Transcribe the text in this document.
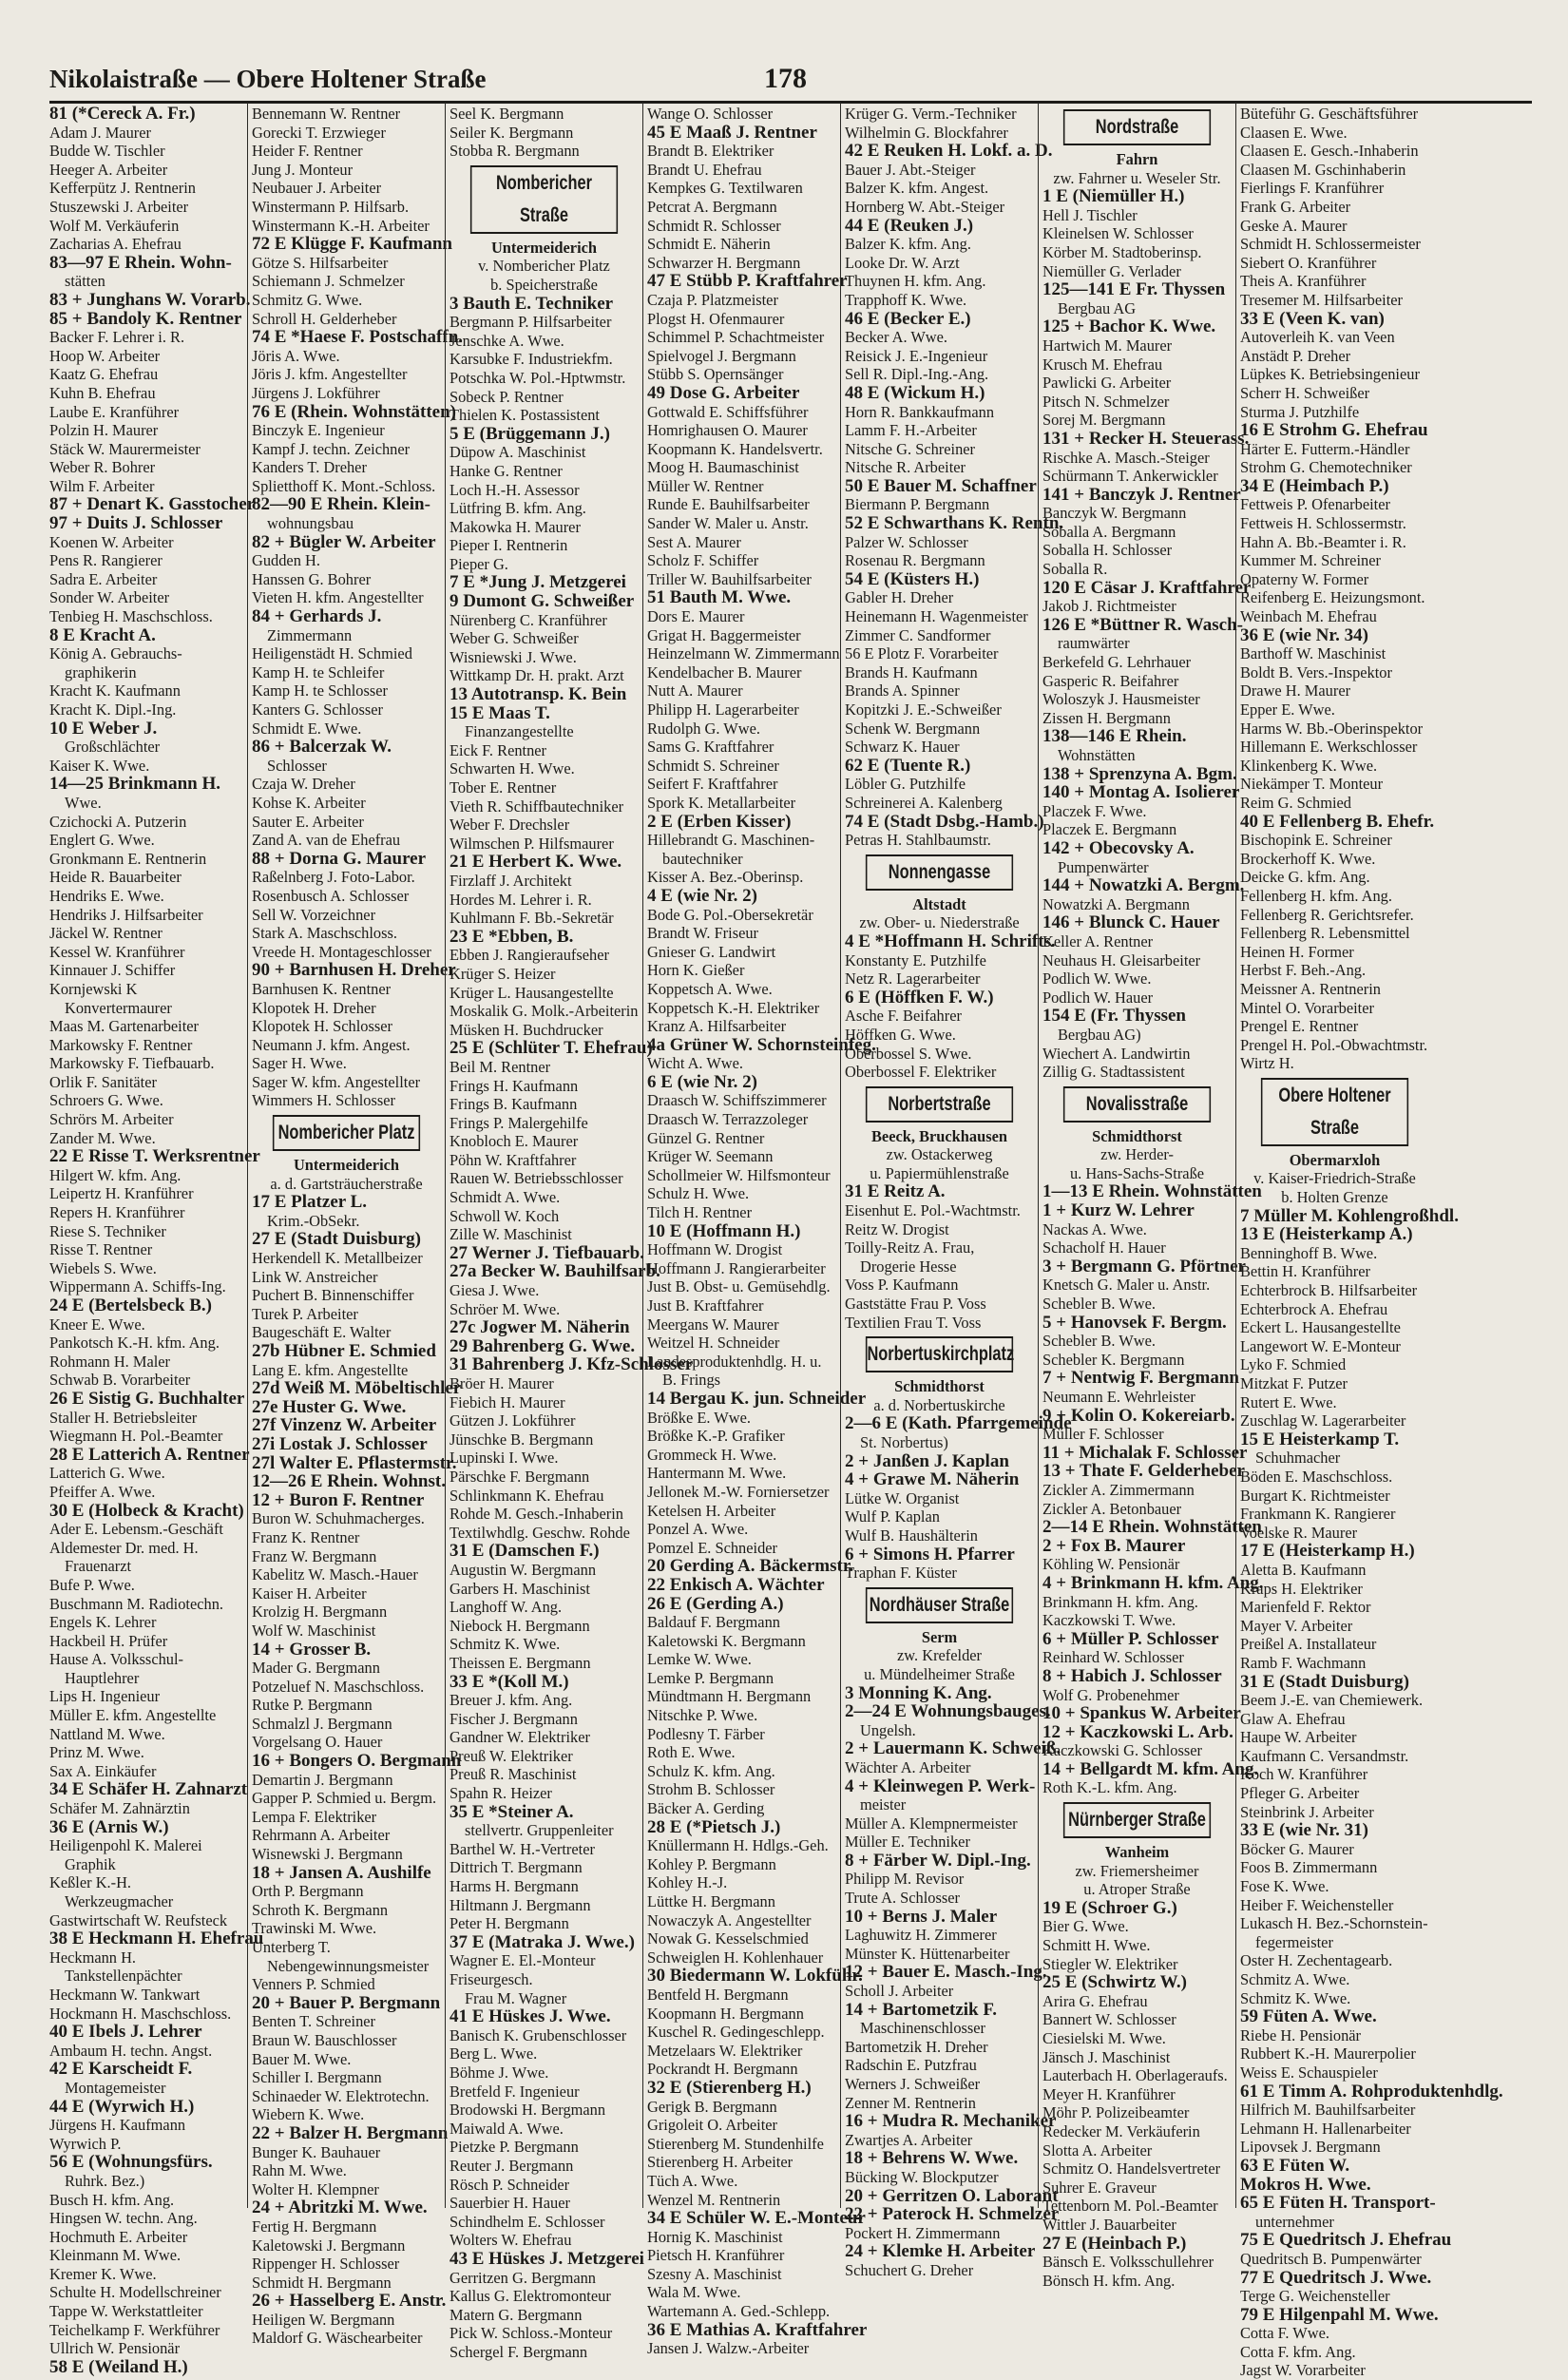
Nikolaistraße — Obere Holtener Straße	178
81 (*Cereck A. Fr.)
Adam J. Maurer
Budde W. Tischler
Heeger A. Arbeiter
Kefferpütz J. Rentnerin
Stuszewski J. Arbeiter
Wolf M. Verkäuferin
Zacharias A. Ehefrau
83—97 E Rhein. Wohn-
stätten
83 + Junghans W. Vorarb.
85 + Bandoly K. Rentner
Backer F. Lehrer i. R.
Hoop W. Arbeiter
Kaatz G. Ehefrau
Kuhn B. Ehefrau
Laube E. Kranführer
Polzin H. Maurer
Stäck W. Maurermeister
Weber R. Bohrer
Wilm F. Arbeiter
87 + Denart K. Gasstocher
97 + Duits J. Schlosser
Koenen W. Arbeiter
Pens R. Rangierer
Sadra E. Arbeiter
Sonder W. Arbeiter
Tenbieg H. Maschschloss.
8 E Kracht A.
König A. Gebrauchs-
graphikerin
Kracht K. Kaufmann
Kracht K. Dipl.-Ing.
10 E Weber J.
Großschlächter
Kaiser K. Wwe.
14—25 Brinkmann H.
Wwe.
Czichocki A. Putzerin
Englert G. Wwe.
Gronkmann E. Rentnerin
Heide R. Bauarbeiter
Hendriks E. Wwe.
Hendriks J. Hilfsarbeiter
Jäckel W. Rentner
Kessel W. Kranführer
Kinnauer J. Schiffer
Kornjewski K
Konvertermaurer
Maas M. Gartenarbeiter
Markowsky F. Rentner
Markowsky F. Tiefbauarb.
Orlik F. Sanitäter
Schroers G. Wwe.
Schrörs M. Arbeiter
Zander M. Wwe.
22 E Risse T. Werksrentner
Hilgert W. kfm. Ang.
Leipertz H. Kranführer
Repers H. Kranführer
Riese S. Techniker
Risse T. Rentner
Wiebels S. Wwe.
Wippermann A. Schiffs-Ing.
24 E (Bertelsbeck B.)
Kneer E. Wwe.
Pankotsch K.-H. kfm. Ang.
Rohmann H. Maler
Schwab B. Vorarbeiter
26 E Sistig G. Buchhalter
Staller H. Betriebsleiter
Wiegmann H. Pol.-Beamter
28 E Latterich A. Rentner
Latterich G. Wwe.
Pfeiffer A. Wwe.
30 E (Holbeck & Kracht)
Ader E. Lebensm.-Geschäft
Aldemester Dr. med. H.
Frauenarzt
Bufe P. Wwe.
Buschmann M. Radiotechn.
Engels K. Lehrer
Hackbeil H. Prüfer
Hause A. Volksschul-
Hauptlehrer
Lips H. Ingenieur
Müller E. kfm. Angestellte
Nattland M. Wwe.
Prinz M. Wwe.
Sax A. Einkäufer
34 E Schäfer H. Zahnarzt
Schäfer M. Zahnärztin
36 E (Arnis W.)
Heiligenpohl K. Malerei
Graphik
Keßler K.-H.
Werkzeugmacher
Gastwirtschaft W. Reufsteck
38 E Heckmann H. Ehefrau
Heckmann H.
Tankstellenpächter
Heckmann W. Tankwart
Hockmann H. Maschschloss.
40 E Ibels J. Lehrer
Ambaum H. techn. Angst.
42 E Karscheidt F.
Montagemeister
44 E (Wyrwich H.)
Jürgens H. Kaufmann
Wyrwich P.
56 E (Wohnungsfürs.
Ruhrk. Bez.)
Busch H. kfm. Ang.
Hingsen W. techn. Ang.
Hochmuth E. Arbeiter
Kleinmann M. Wwe.
Kremer K. Wwe.
Schulte H. Modellschreiner
Tappe W. Werkstattleiter
Teichelkamp F. Werkführer
Ullrich W. Pensionär
58 E (Weiland H.)
Bennemann W. Rentner
Gorecki T. Erzwieger
Heider F. Rentner
Jung J. Monteur
Neubauer J. Arbeiter
Winstermann P. Hilfsarb.
Winstermann K.-H. Arbeiter
72 E Klügge F. Kaufmann
Götze S. Hilfsarbeiter
Schiemann J. Schmelzer
Schmitz G. Wwe.
Schroll H. Gelderheber
74 E *Haese F. Postschaffn.
Jöris A. Wwe.
Jöris J. kfm. Angestellter
Jürgens J. Lokführer
76 E (Rhein. Wohnstätten)
Binczyk E. Ingenieur
Kampf J. techn. Zeichner
Kanders T. Dreher
Splietthoff K. Mont.-Schloss.
82—90 E Rhein. Klein-
wohnungsbau
82 + Bügler W. Arbeiter
Gudden H.
Hanssen G. Bohrer
Vieten H. kfm. Angestellter
84 + Gerhards J.
Zimmermann
Heiligenstädt H. Schmied
Kamp H. te Schleifer
Kamp H. te Schlosser
Kanters G. Schlosser
Schmidt E. Wwe.
86 + Balcerzak W.
Schlosser
Czaja W. Dreher
Kohse K. Arbeiter
Sauter E. Arbeiter
Zand A. van de Ehefrau
88 + Dorna G. Maurer
Raßelnberg J. Foto-Labor.
Rosenbusch A. Schlosser
Sell W. Vorzeichner
Stark A. Maschschloss.
Vreede H. Montageschlosser
90 + Barnhusen H. Dreher
Barnhusen K. Rentner
Klopotek H. Dreher
Klopotek H. Schlosser
Neumann J. kfm. Angest.
Sager H. Wwe.
Sager W. kfm. Angestellter
Wimmers H. Schlosser
Nombericher Platz
Untermeiderich
a. d. Gartsträucherstraße
17 E Platzer L.
Krim.-ObSekr.
27 E (Stadt Duisburg)
Herkendell K. Metallbeizer
Link W. Anstreicher
Puchert B. Binnenschiffer
Turek P. Arbeiter
Baugeschäft E. Walter
27b Hübner E. Schmied
Lang E. kfm. Angestellte
27d Weiß M. Möbeltischler
27e Huster G. Wwe.
27f Vinzenz W. Arbeiter
27i Lostak J. Schlosser
27l Walter E. Pflastermstr.
12—26 E Rhein. Wohnst.
12 + Buron F. Rentner
Buron W. Schuhmacherges.
Franz K. Rentner
Franz W. Bergmann
Kabelitz W. Masch.-Hauer
Kaiser H. Arbeiter
Krolzig H. Bergmann
Wolf W. Maschinist
14 + Grosser B.
Mader G. Bergmann
Potzeluef N. Maschschloss.
Rutke P. Bergmann
Schmalzl J. Bergmann
Vorgelsang O. Hauer
16 + Bongers O. Bergmann
Demartin J. Bergmann
Gapper P. Schmied u. Bergm.
Lempa F. Elektriker
Rehrmann A. Arbeiter
Wisnewski J. Bergmann
18 + Jansen A. Aushilfe
Orth P. Bergmann
Schroth K. Bergmann
Trawinski M. Wwe.
Unterberg T.
Nebengewinnungsmeister
Venners P. Schmied
20 + Bauer P. Bergmann
Benten T. Schreiner
Braun W. Bauschlosser
Bauer M. Wwe.
Schiller I. Bergmann
Schinaeder W. Elektrotechn.
Wiebern K. Wwe.
22 + Balzer H. Bergmann
Bunger K. Bauhauer
Rahn M. Wwe.
Wolter H. Klempner
24 + Abritzki M. Wwe.
Fertig H. Bergmann
Kaletowski J. Bergmann
Rippenger H. Schlosser
Schmidt H. Bergmann
26 + Hasselberg E. Anstr.
Heiligen W. Bergmann
Maldorf G. Wäschearbeiter
Seel K. Bergmann
Seiler K. Bergmann
Stobba R. Bergmann
Nombericher Straße
Untermeiderich
v. Nombericher Platz
b. Speicherstraße
3 Bauth E. Techniker
Bergmann P. Hilfsarbeiter
Jenschke A. Wwe.
Karsubke F. Industriekfm.
Potschka W. Pol.-Hptwmstr.
Sobeck P. Rentner
Thielen K. Postassistent
5 E (Brüggemann J.)
Düpow A. Maschinist
Hanke G. Rentner
Loch H.-H. Assessor
Lütfring B. kfm. Ang.
Makowka H. Maurer
Pieper I. Rentnerin
Pieper G.
7 E *Jung J. Metzgerei
9 Dumont G. Schweißer
Nürenberg C. Kranführer
Weber G. Schweißer
Wisniewski J. Wwe.
Wittkamp Dr. H. prakt. Arzt
13 Autotransp. K. Bein
15 E Maas T.
Finanzangestellte
Eick F. Rentner
Schwarten H. Wwe.
Tober E. Rentner
Vieth R. Schiffbautechniker
Weber F. Drechsler
Wilmschen P. Hilfsmaurer
21 E Herbert K. Wwe.
Firzlaff J. Architekt
Hordes M. Lehrer i. R.
Kuhlmann F. Bb.-Sekretär
23 E *Ebben, B.
Ebben J. Rangieraufseher
Krüger S. Heizer
Krüger L. Hausangestellte
Moskalik G. Molk.-Arbeiterin
Müsken H. Buchdrucker
25 E (Schlüter T. Ehefrau)
Beil M. Rentner
Frings H. Kaufmann
Frings B. Kaufmann
Frings P. Malergehilfe
Knobloch E. Maurer
Pöhn W. Kraftfahrer
Rauen W. Betriebsschlosser
Schmidt A. Wwe.
Schwoll W. Koch
Zille W. Maschinist
27 Werner J. Tiefbauarb.
27a Becker W. Bauhilfsarb.
Giesa J. Wwe.
Schröer M. Wwe.
27c Jogwer M. Näherin
29 Bahrenberg G. Wwe.
31 Bahrenberg J. Kfz-Schlosser
Bröer H. Maurer
Fiebich H. Maurer
Gützen J. Lokführer
Jünschke B. Bergmann
Lupinski I. Wwe.
Pärschke F. Bergmann
Schlinkmann K. Ehefrau
Rohde M. Gesch.-Inhaberin
Textilwhdlg. Geschw. Rohde
31 E (Damschen F.)
Augustin W. Bergmann
Garbers H. Maschinist
Langhoff W. Ang.
Niebock H. Bergmann
Schmitz K. Wwe.
Theissen E. Bergmann
33 E *(Koll M.)
Breuer J. kfm. Ang.
Fischer J. Bergmann
Gandner W. Elektriker
Preuß W. Elektriker
Preuß R. Maschinist
Spahn R. Heizer
35 E *Steiner A.
stellvertr. Gruppenleiter
Barthel W. H.-Vertreter
Dittrich T. Bergmann
Harms H. Bergmann
Hiltmann J. Bergmann
Peter H. Bergmann
37 E (Matraka J. Wwe.)
Wagner E. El.-Monteur
Friseurgesch.
Frau M. Wagner
41 E Hüskes J. Wwe.
Banisch K. Grubenschlosser
Berg L. Wwe.
Böhme J. Wwe.
Bretfeld F. Ingenieur
Brodowski H. Bergmann
Maiwald A. Wwe.
Pietzke P. Bergmann
Reuter J. Bergmann
Rösch P. Schneider
Sauerbier H. Hauer
Schindhelm E. Schlosser
Wolters W. Ehefrau
43 E Hüskes J. Metzgerei
Gerritzen G. Bergmann
Kallus G. Elektromonteur
Matern G. Bergmann
Pick W. Schloss.-Monteur
Schergel F. Bergmann
Wange O. Schlosser
45 E Maaß J. Rentner
Brandt B. Elektriker
Brandt U. Ehefrau
Kempkes G. Textilwaren
Petcrat A. Bergmann
Schmidt R. Schlosser
Schmidt E. Näherin
Schwarzer H. Bergmann
47 E Stübb P. Kraftfahrer
Czaja P. Platzmeister
Plogst H. Ofenmaurer
Schimmel P. Schachtmeister
Spielvogel J. Bergmann
Stübb S. Opernsänger
49 Dose G. Arbeiter
Gottwald E. Schiffsführer
Homrighausen O. Maurer
Koopmann K. Handelsvertr.
Moog H. Baumaschinist
Müller W. Rentner
Runde E. Bauhilfsarbeiter
Sander W. Maler u. Anstr.
Sest A. Maurer
Scholz F. Schiffer
Triller W. Bauhilfsarbeiter
51 Bauth M. Wwe.
Dors E. Maurer
Grigat H. Baggermeister
Heinzelmann W. Zimmermann
Kendelbacher B. Maurer
Nutt A. Maurer
Philipp H. Lagerarbeiter
Rudolph G. Wwe.
Sams G. Kraftfahrer
Schmidt S. Schreiner
Seifert F. Kraftfahrer
Spork K. Metallarbeiter
2 E (Erben Kisser)
Hillebrandt G. Maschinen-
bautechniker
Kisser A. Bez.-Oberinsp.
4 E (wie Nr. 2)
Bode G. Pol.-Obersekretär
Brandt W. Friseur
Gnieser G. Landwirt
Horn K. Gießer
Koppetsch A. Wwe.
Koppetsch K.-H. Elektriker
Kranz A. Hilfsarbeiter
4a Grüner W. Schornsteinfeg.
Wicht A. Wwe.
6 E (wie Nr. 2)
Draasch W. Schiffszimmerer
Draasch W. Terrazzoleger
Günzel G. Rentner
Krüger W. Seemann
Schollmeier W. Hilfsmonteur
Schulz H. Wwe.
Tilch H. Rentner
10 E (Hoffmann H.)
Hoffmann W. Drogist
Hoffmann J. Rangierarbeiter
Just B. Obst- u. Gemüsehdlg.
Just B. Kraftfahrer
Meergans W. Maurer
Weitzel H. Schneider
Landesproduktenhdlg. H. u.
B. Frings
14 Bergau K. jun. Schneider
Brößke E. Wwe.
Brößke K.-P. Grafiker
Grommeck H. Wwe.
Hantermann M. Wwe.
Jellonek M.-W. Forniersetzer
Ketelsen H. Arbeiter
Ponzel A. Wwe.
Pomzel E. Schneider
20 Gerding A. Bäckermstr.
22 Enkisch A. Wächter
26 E (Gerding A.)
Baldauf F. Bergmann
Kaletowski K. Bergmann
Lemke W. Wwe.
Lemke P. Bergmann
Mündtmann H. Bergmann
Nitschke P. Wwe.
Podlesny T. Färber
Roth E. Wwe.
Schulz K. kfm. Ang.
Strohm B. Schlosser
Bäcker A. Gerding
28 E (*Pietsch J.)
Knüllermann H. Hdlgs.-Geh.
Kohley P. Bergmann
Kohley H.-J.
Lüttke H. Bergmann
Nowaczyk A. Angestellter
Nowak G. Kesselschmied
Schweiglen H. Kohlenhauer
30 Biedermann W. Lokführ.
Bentfeld H. Bergmann
Koopmann H. Bergmann
Kuschel R. Gedingeschlepp.
Metzelaars W. Elektriker
Pockrandt H. Bergmann
32 E (Stierenberg H.)
Gerigk B. Bergmann
Grigoleit O. Arbeiter
Stierenberg M. Stundenhilfe
Stierenberg H. Arbeiter
Tüch A. Wwe.
Wenzel M. Rentnerin
34 E Schüler W. E.-Monteur
Hornig K. Maschinist
Pietsch H. Kranführer
Szesny A. Maschinist
Wala M. Wwe.
Wartemann A. Ged.-Schlepp.
36 E Mathias A. Kraftfahrer
Jansen J. Walzw.-Arbeiter
Krüger G. Verm.-Techniker
Wilhelmin G. Blockfahrer
42 E Reuken H. Lokf. a. D.
Bauer J. Abt.-Steiger
Balzer K. kfm. Angest.
Hornberg W. Abt.-Steiger
44 E (Reuken J.)
Balzer K. kfm. Ang.
Looke Dr. W. Arzt
Thuynen H. kfm. Ang.
Trapphoff K. Wwe.
46 E (Becker E.)
Becker A. Wwe.
Reisick J. E.-Ingenieur
Sell R. Dipl.-Ing.-Ang.
48 E (Wickum H.)
Horn R. Bankkaufmann
Lamm F. H.-Arbeiter
Nitsche G. Schreiner
Nitsche R. Arbeiter
50 E Bauer M. Schaffner
Biermann P. Bergmann
52 E Schwarthans K. Rentn.
Palzer W. Schlosser
Rosenau R. Bergmann
54 E (Küsters H.)
Gabler H. Dreher
Heinemann H. Wagenmeister
Zimmer C. Sandformer
56 E Plotz F. Vorarbeiter
Brands H. Kaufmann
Brands A. Spinner
Kopitzki J. E.-Schweißer
Schenk W. Bergmann
Schwarz K. Hauer
62 E (Tuente R.)
Löbler G. Putzhilfe
Schreinerei A. Kalenberg
74 E (Stadt Dsbg.-Hamb.)
Petras H. Stahlbaumstr.
Nonnengasse
Altstadt
zw. Ober- u. Niederstraße
4 E *Hoffmann H. Schrifts.
Konstanty E. Putzhilfe
Netz R. Lagerarbeiter
6 E (Höffken F. W.)
Asche F. Beifahrer
Höffken G. Wwe.
Oberbossel S. Wwe.
Oberbossel F. Elektriker
Norbertstraße
Beeck, Bruckhausen
zw. Ostackerweg
u. Papiermühlenstraße
31 E Reitz A.
Eisenhut E. Pol.-Wachtmstr.
Reitz W. Drogist
Toilly-Reitz A. Frau,
Drogerie Hesse
Voss P. Kaufmann
Gaststätte Frau P. Voss
Textilien Frau T. Voss
Norbertuskirchplatz
Schmidthorst
a. d. Norbertuskirche
2—6 E (Kath. Pfarrgemeinde
St. Norbertus)
2 + Janßen J. Kaplan
4 + Grawe M. Näherin
Lütke W. Organist
Wulf P. Kaplan
Wulf B. Haushälterin
6 + Simons H. Pfarrer
Traphan F. Küster
Nordhäuser Straße
Serm
zw. Krefelder
u. Mündelheimer Straße
3 Monning K. Ang.
2—24 E Wohnungsbauges.
Ungelsh.
2 + Lauermann K. Schweiß.
Wächter A. Arbeiter
4 + Kleinwegen P. Werk-
meister
Müller A. Klempnermeister
Müller E. Techniker
8 + Färber W. Dipl.-Ing.
Philipp M. Revisor
Trute A. Schlosser
10 + Berns J. Maler
Laghuwitz H. Zimmerer
Münster K. Hüttenarbeiter
12 + Bauer E. Masch.-Ing.
Scholl J. Arbeiter
14 + Bartometzik F.
Maschinenschlosser
Bartometzik H. Dreher
Radschin E. Putzfrau
Werners J. Schweißer
Zenner M. Rentnerin
16 + Mudra R. Mechaniker
Zwartjes A. Arbeiter
18 + Behrens W. Wwe.
Bücking W. Blockputzer
20 + Gerritzen O. Laborant
22 + Paterock H. Schmelzer
Pockert H. Zimmermann
24 + Klemke H. Arbeiter
Schuchert G. Dreher
Nordstraße
Fahrn
zw. Fahrner u. Weseler Str.
1 E (Niemüller H.)
Hell J. Tischler
Kleinelsen W. Schlosser
Körber M. Stadtoberinsp.
Niemüller G. Verlader
125—141 E Fr. Thyssen
Bergbau AG
125 + Bachor K. Wwe.
Hartwich M. Maurer
Krusch M. Ehefrau
Pawlicki G. Arbeiter
Pitsch N. Schmelzer
Sorej M. Bergmann
131 + Recker H. Steuerass.
Rischke A. Masch.-Steiger
Schürmann T. Ankerwickler
141 + Banczyk J. Rentner
Banczyk W. Bergmann
Soballa A. Bergmann
Soballa H. Schlosser
Soballa R.
120 E Cäsar J. Kraftfahrer
Jakob J. Richtmeister
126 E *Büttner R. Wasch-
raumwärter
Berkefeld G. Lehrhauer
Gasperic R. Beifahrer
Woloszyk J. Hausmeister
Zissen H. Bergmann
138—146 E Rhein.
Wohnstätten
138 + Sprenzyna A. Bgm.
140 + Montag A. Isolierer
Placzek F. Wwe.
Placzek E. Bergmann
142 + Obecovsky A.
Pumpenwärter
144 + Nowatzki A. Bergm.
Nowatzki A. Bergmann
146 + Blunck C. Hauer
Keller A. Rentner
Neuhaus H. Gleisarbeiter
Podlich W. Wwe.
Podlich W. Hauer
154 E (Fr. Thyssen
Bergbau AG)
Wiechert A. Landwirtin
Zillig G. Stadtassistent
Novalisstraße
Schmidthorst
zw. Herder-
u. Hans-Sachs-Straße
1—13 E Rhein. Wohnstätten
1 + Kurz W. Lehrer
Nackas A. Wwe.
Schacholf H. Hauer
3 + Bergmann G. Pförtner
Knetsch G. Maler u. Anstr.
Schebler B. Wwe.
5 + Hanovsek F. Bergm.
Schebler B. Wwe.
Schebler K. Bergmann
7 + Nentwig F. Bergmann
Neumann E. Wehrleister
9 + Kolin O. Kokereiarb.
Müller F. Schlosser
11 + Michalak F. Schlosser
13 + Thate F. Gelderheber
Zickler A. Zimmermann
Zickler A. Betonbauer
2—14 E Rhein. Wohnstätten
2 + Fox B. Maurer
Köhling W. Pensionär
4 + Brinkmann H. kfm. Ang.
Brinkmann H. kfm. Ang.
Kaczkowski T. Wwe.
6 + Müller P. Schlosser
Reinhard W. Schlosser
8 + Habich J. Schlosser
Wolf G. Probenehmer
10 + Spankus W. Arbeiter
12 + Kaczkowski L. Arb.
Kaczkowski G. Schlosser
14 + Bellgardt M. kfm. Ang.
Roth K.-L. kfm. Ang.
Nürnberger Straße
Wanheim
zw. Friemersheimer
u. Atroper Straße
19 E (Schroer G.)
Bier G. Wwe.
Schmitt H. Wwe.
Stiegler W. Elektriker
25 E (Schwirtz W.)
Arira G. Ehefrau
Bannert W. Schlosser
Ciesielski M. Wwe.
Jänsch J. Maschinist
Lauterbach H. Oberlageraufs.
Meyer H. Kranführer
Möhr P. Polizeibeamter
Redecker M. Verkäuferin
Slotta A. Arbeiter
Schmitz O. Handelsvertreter
Suhrer E. Graveur
Tettenborn M. Pol.-Beamter
Wittler J. Bauarbeiter
27 E (Heinbach P.)
Bänsch E. Volksschullehrer
Bönsch H. kfm. Ang.
Büteführ G. Geschäftsführer
Claasen E. Wwe.
Claasen E. Gesch.-Inhaberin
Claasen M. Gschinhaberin
Fierlings F. Kranführer
Frank G. Arbeiter
Geske A. Maurer
Schmidt H. Schlossermeister
Siebert O. Kranführer
Theis A. Kranführer
Tresemer M. Hilfsarbeiter
33 E (Veen K. van)
Autoverleih K. van Veen
Anstädt P. Dreher
Lüpkes K. Betriebsingenieur
Scherr H. Schweißer
Sturma J. Putzhilfe
16 E Strohm G. Ehefrau
Härter E. Futterm.-Händler
Strohm G. Chemotechniker
34 E (Heimbach P.)
Fettweis P. Ofenarbeiter
Fettweis H. Schlossermstr.
Hahn A. Bb.-Beamter i. R.
Kummer M. Schreiner
Opaterny W. Former
Reifenberg E. Heizungsmont.
Weinbach M. Ehefrau
36 E (wie Nr. 34)
Barthoff W. Maschinist
Boldt B. Vers.-Inspektor
Drawe H. Maurer
Epper E. Wwe.
Harms W. Bb.-Oberinspektor
Hillemann E. Werkschlosser
Klinkenberg K. Wwe.
Niekämper T. Monteur
Reim G. Schmied
40 E Fellenberg B. Ehefr.
Bischopink E. Schreiner
Brockerhoff K. Wwe.
Deicke G. kfm. Ang.
Fellenberg H. kfm. Ang.
Fellenberg R. Gerichtsrefer.
Fellenberg R. Lebensmittel
Heinen H. Former
Herbst F. Beh.-Ang.
Meissner A. Rentnerin
Mintel O. Vorarbeiter
Prengel E. Rentner
Prengel H. Pol.-Obwachtmstr.
Wirtz H.
Obere Holtener Straße
Obermarxloh
v. Kaiser-Friedrich-Straße
b. Holten Grenze
7 Müller M. Kohlengroßhdl.
13 E (Heisterkamp A.)
Benninghoff B. Wwe.
Bettin H. Kranführer
Echterbrock B. Hilfsarbeiter
Echterbrock A. Ehefrau
Eckert L. Hausangestellte
Langewort W. E-Monteur
Lyko F. Schmied
Mitzkat F. Putzer
Rutert E. Wwe.
Zuschlag W. Lagerarbeiter
15 E Heisterkamp T.
Schuhmacher
Böden E. Maschschloss.
Burgart K. Richtmeister
Frankmann K. Rangierer
Voelske R. Maurer
17 E (Heisterkamp H.)
Aletta B. Kaufmann
Kraps H. Elektriker
Marienfeld F. Rektor
Mayer V. Arbeiter
Preißel A. Installateur
Ramb F. Wachmann
31 E (Stadt Duisburg)
Beem J.-E. van Chemiewerk.
Glaw A. Ehefrau
Haupe W. Arbeiter
Kaufmann C. Versandmstr.
Koch W. Kranführer
Pfleger G. Arbeiter
Steinbrink J. Arbeiter
33 E (wie Nr. 31)
Böcker G. Maurer
Foos B. Zimmermann
Fose K. Wwe.
Heiber F. Weichensteller
Lukasch H. Bez.-Schornstein-
fegermeister
Oster H. Zechentagearb.
Schmitz A. Wwe.
Schmitz K. Wwe.
59 Füten A. Wwe.
Riebe H. Pensionär
Rubbert K.-H. Maurerpolier
Weiss E. Schauspieler
61 E Timm A. Rohproduktenhdlg.
Hilfrich M. Bauhilfsarbeiter
Lehmann H. Hallenarbeiter
Lipovsek J. Bergmann
63 E Füten W.
Mokros H. Wwe.
65 E Füten H. Transport-
unternehmer
75 E Quedritsch J. Ehefrau
Quedritsch B. Pumpenwärter
77 E Quedritsch J. Wwe.
Terge G. Weichensteller
79 E Hilgenpahl M. Wwe.
Cotta F. Wwe.
Cotta F. kfm. Ang.
Jagst W. Vorarbeiter
